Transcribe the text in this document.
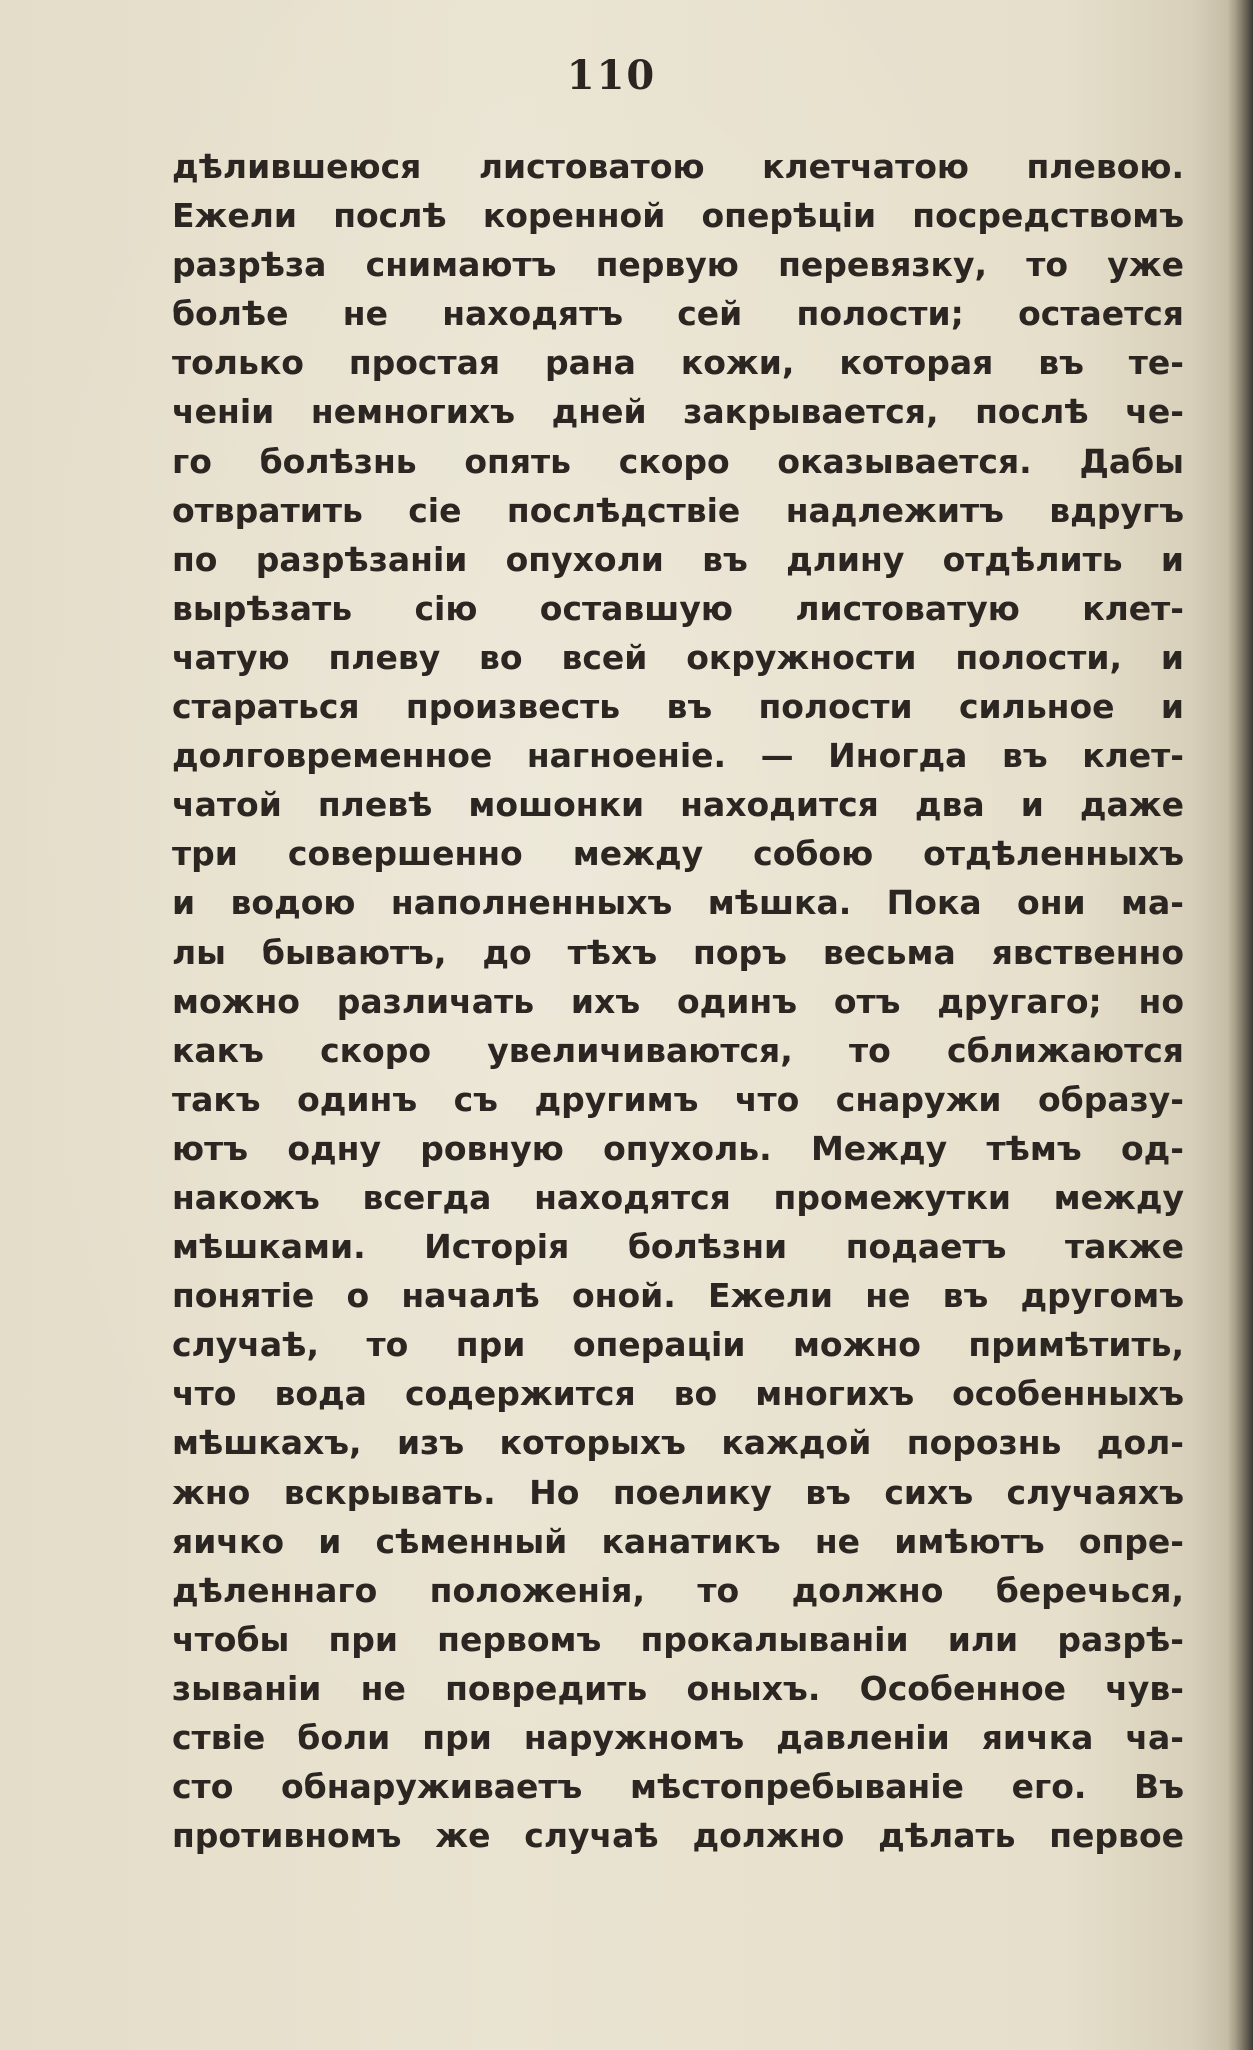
110
дѣлившеюся листоватою клетчатою плевою.
Ежели послѣ коренной оперѣціи посредствомъ
разрѣза снимаютъ первую перевязку, то уже
болѣе не находятъ сей полости; остается
только простая рана кожи, которая въ те-
ченіи немногихъ дней закрывается, послѣ че-
го болѣзнь опять скоро оказывается. Дабы
отвратить сіе послѣдствіе надлежитъ вдругъ
по разрѣзаніи опухоли въ длину отдѣлить и
вырѣзать сію оставшую листоватую клет-
чатую плеву во всей окружности полости, и
стараться произвесть въ полости сильное и
долговременное нагноеніе. — Иногда въ клет-
чатой плевѣ мошонки находится два и даже
три совершенно между собою отдѣленныхъ
и водою наполненныхъ мѣшка. Пока они ма-
лы бываютъ, до тѣхъ поръ весьма явственно
можно различать ихъ одинъ отъ другаго; но
какъ скоро увеличиваются, то сближаются
такъ одинъ съ другимъ что снаружи образу-
ютъ одну ровную опухоль. Между тѣмъ од-
накожъ всегда находятся промежутки между
мѣшками. Исторія болѣзни подаетъ также
понятіе о началѣ оной. Ежели не въ другомъ
случаѣ, то при операціи можно примѣтить,
что вода содержится во многихъ особенныхъ
мѣшкахъ, изъ которыхъ каждой порознь дол-
жно вскрывать. Но поелику въ сихъ случаяхъ
яичко и сѣменный канатикъ не имѣютъ опре-
дѣленнаго положенія, то должно беречься,
чтобы при первомъ прокалываніи или разрѣ-
зываніи не повредить оныхъ. Особенное чув-
ствіе боли при наружномъ давленіи яичка ча-
сто обнаруживаетъ мѣстопребываніе его. Въ
противномъ же случаѣ должно дѣлать первое
